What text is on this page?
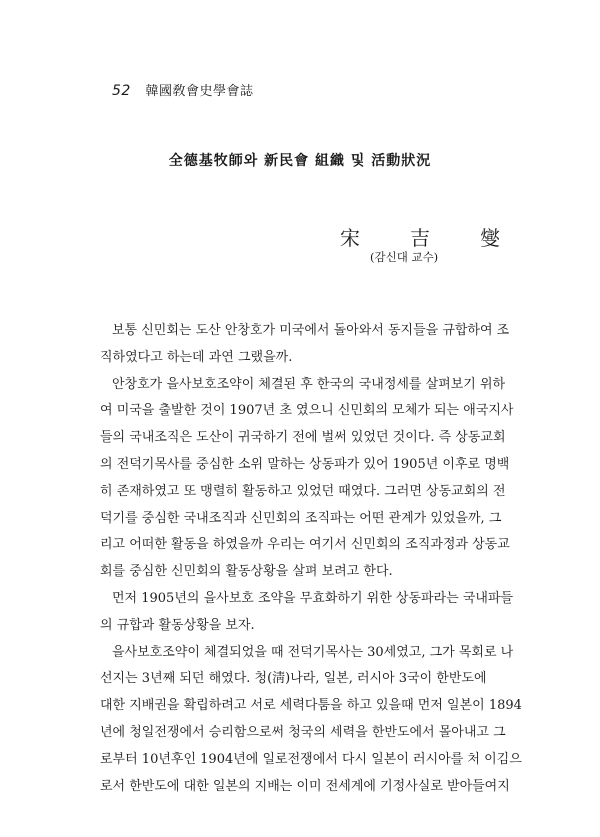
52 韓國敎會史學會誌
全德基牧師와 新民會 組織 및 活動狀況
宋	吉	燮
(감신대 교수)
보통 신민회는 도산 안창호가 미국에서 돌아와서 동지들을 규합하여 조
직하였다고 하는데 과연 그랬을까.
안창호가 을사보호조약이 체결된 후 한국의 국내정세를 살펴보기 위하
여 미국을 출발한 것이 1907년 초 였으니 신민회의 모체가 되는 애국지사
들의 국내조직은 도산이 귀국하기 전에 벌써 있었던 것이다. 즉 상동교회
의 전덕기목사를 중심한 소위 말하는 상동파가 있어 1905년 이후로 명백
히 존재하였고 또 맹렬히 활동하고 있었던 때였다. 그러면 상동교회의 전
덕기를 중심한 국내조직과 신민회의 조직파는 어떤 관계가 있었을까, 그
리고 어떠한 활동을 하였을까 우리는 여기서 신민회의 조직과정과 상동교
회를 중심한 신민회의 활동상황을 살펴 보려고 한다.
먼저 1905년의 을사보호 조약을 무효화하기 위한 상동파라는 국내파들
의 규합과 활동상황을 보자.
을사보호조약이 체결되었을 때 전덕기목사는 30세였고, 그가 목회로 나
선지는 3년째 되던 해였다. 청(淸)나라, 일본, 러시아 3국이 한반도에
대한 지배권을 확립하려고 서로 세력다툼을 하고 있을때 먼저 일본이 1894
년에 청일전쟁에서 승리함으로써 청국의 세력을 한반도에서 몰아내고 그
로부터 10년후인 1904년에 일로전쟁에서 다시 일본이 러시아를 처 이김으
로서 한반도에 대한 일본의 지배는 이미 전세계에 기정사실로 받아들여지
